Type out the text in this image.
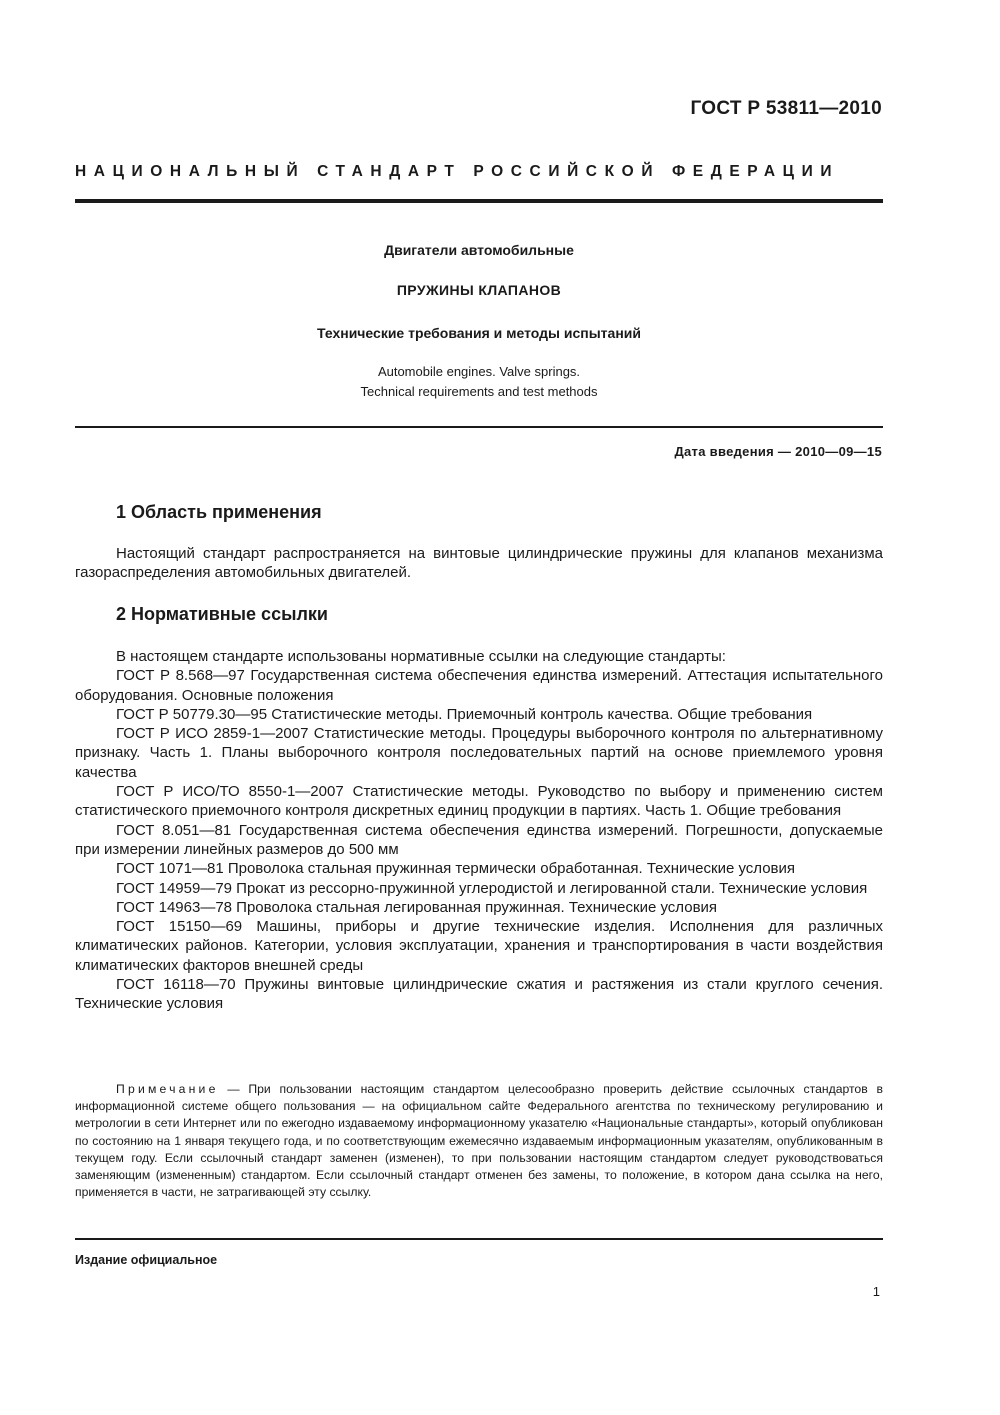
ГОСТ Р 53811—2010
НАЦИОНАЛЬНЫЙ СТАНДАРТ РОССИЙСКОЙ ФЕДЕРАЦИИ
Двигатели автомобильные
ПРУЖИНЫ КЛАПАНОВ
Технические требования и методы испытаний
Automobile engines. Valve springs.
Technical requirements and test methods
Дата введения — 2010—09—15
1 Область применения

Настоящий стандарт распространяется на винтовые цилиндрические пружины для клапанов механизма газораспределения автомобильных двигателей.

2 Нормативные ссылки

В настоящем стандарте использованы нормативные ссылки на следующие стандарты:

ГОСТ Р 8.568—97 Государственная система обеспечения единства измерений. Аттестация испытательного оборудования. Основные положения

ГОСТ Р 50779.30—95 Статистические методы. Приемочный контроль качества. Общие требования

ГОСТ Р ИСО 2859-1—2007 Статистические методы. Процедуры выборочного контроля по альтернативному признаку. Часть 1. Планы выборочного контроля последовательных партий на основе приемлемого уровня качества

ГОСТ Р ИСО/ТО 8550-1—2007 Статистические методы. Руководство по выбору и применению систем статистического приемочного контроля дискретных единиц продукции в партиях. Часть 1. Общие требования

ГОСТ 8.051—81 Государственная система обеспечения единства измерений. Погрешности, допускаемые при измерении линейных размеров до 500 мм

ГОСТ 1071—81 Проволока стальная пружинная термически обработанная. Технические условия

ГОСТ 14959—79 Прокат из рессорно-пружинной углеродистой и легированной стали. Технические условия

ГОСТ 14963—78 Проволока стальная легированная пружинная. Технические условия

ГОСТ 15150—69 Машины, приборы и другие технические изделия. Исполнения для различных климатических районов. Категории, условия эксплуатации, хранения и транспортирования в части воздействия климатических факторов внешней среды

ГОСТ 16118—70 Пружины винтовые цилиндрические сжатия и растяжения из стали круглого сечения. Технические условия

Примечание — При пользовании настоящим стандартом целесообразно проверить действие ссылочных стандартов в информационной системе общего пользования — на официальном сайте Федерального агентства по техническому регулированию и метрологии в сети Интернет или по ежегодно издаваемому информационному указателю «Национальные стандарты», который опубликован по состоянию на 1 января текущего года, и по соответствующим ежемесячно издаваемым информационным указателям, опубликованным в текущем году. Если ссылочный стандарт заменен (изменен), то при пользовании настоящим стандартом следует руководствоваться заменяющим (измененным) стандартом. Если ссылочный стандарт отменен без замены, то положение, в котором дана ссылка на него, применяется в части, не затрагивающей эту ссылку.

Издание официальное
1
